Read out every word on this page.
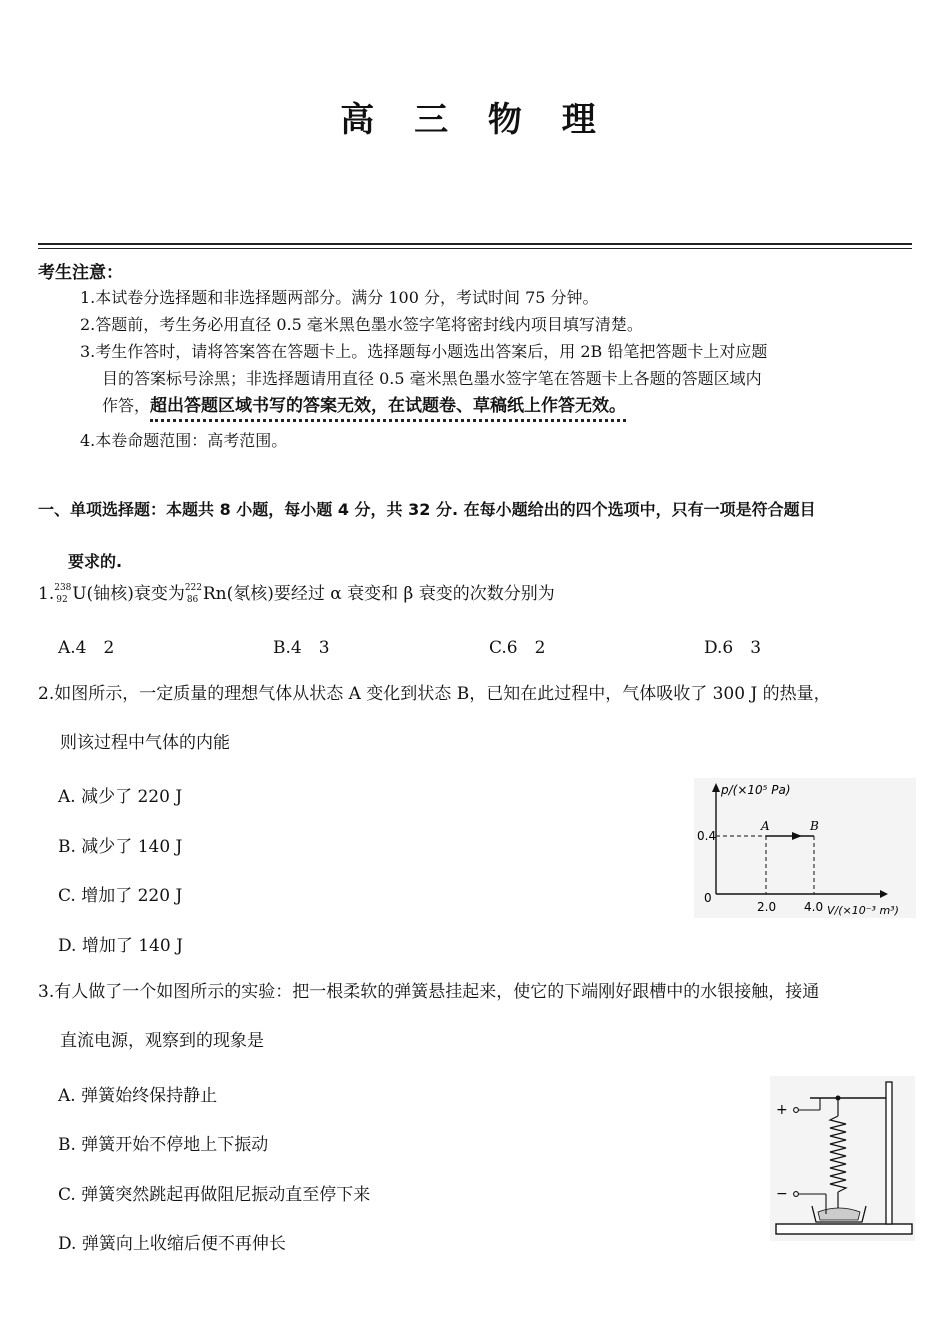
高 三 物 理
考生注意：
1.本试卷分选择题和非选择题两部分。满分 100 分，考试时间 75 分钟。
2.答题前，考生务必用直径 0.5 毫米黑色墨水签字笔将密封线内项目填写清楚。
3.考生作答时，请将答案答在答题卡上。选择题每小题选出答案后，用 2B 铅笔把答题卡上对应题
目的答案标号涂黑；非选择题请用直径 0.5 毫米黑色墨水签字笔在答题卡上各题的答题区域内
作答，超出答题区域书写的答案无效，在试题卷、草稿纸上作答无效。
4.本卷命题范围：高考范围。
一、单项选择题：本题共 8 小题，每小题 4 分，共 32 分. 在每小题给出的四个选项中，只有一项是符合题目
要求的.
1. 238
92 U(铀核)衰变为 222
86 Rn(氡核)要经过 α 衰变和 β 衰变的次数分别为
A.4　2	B.4　3	C.6　2	D.6　3
2.如图所示，一定质量的理想气体从状态 A 变化到状态 B，已知在此过程中，气体吸收了 300 J 的热量，
则该过程中气体的内能
A. 减少了 220 J
B. 减少了 140 J
C. 增加了 220 J
D. 增加了 140 J
p/(×10⁵ Pa)
0.4
0
2.0 4.0 V/(×10⁻³ m³)
A	B
3.有人做了一个如图所示的实验：把一根柔软的弹簧悬挂起来，使它的下端刚好跟槽中的水银接触，接通
直流电源，观察到的现象是
A. 弹簧始终保持静止
B. 弹簧开始不停地上下振动
C. 弹簧突然跳起再做阻尼振动直至停下来
D. 弹簧向上收缩后便不再伸长
+
−
